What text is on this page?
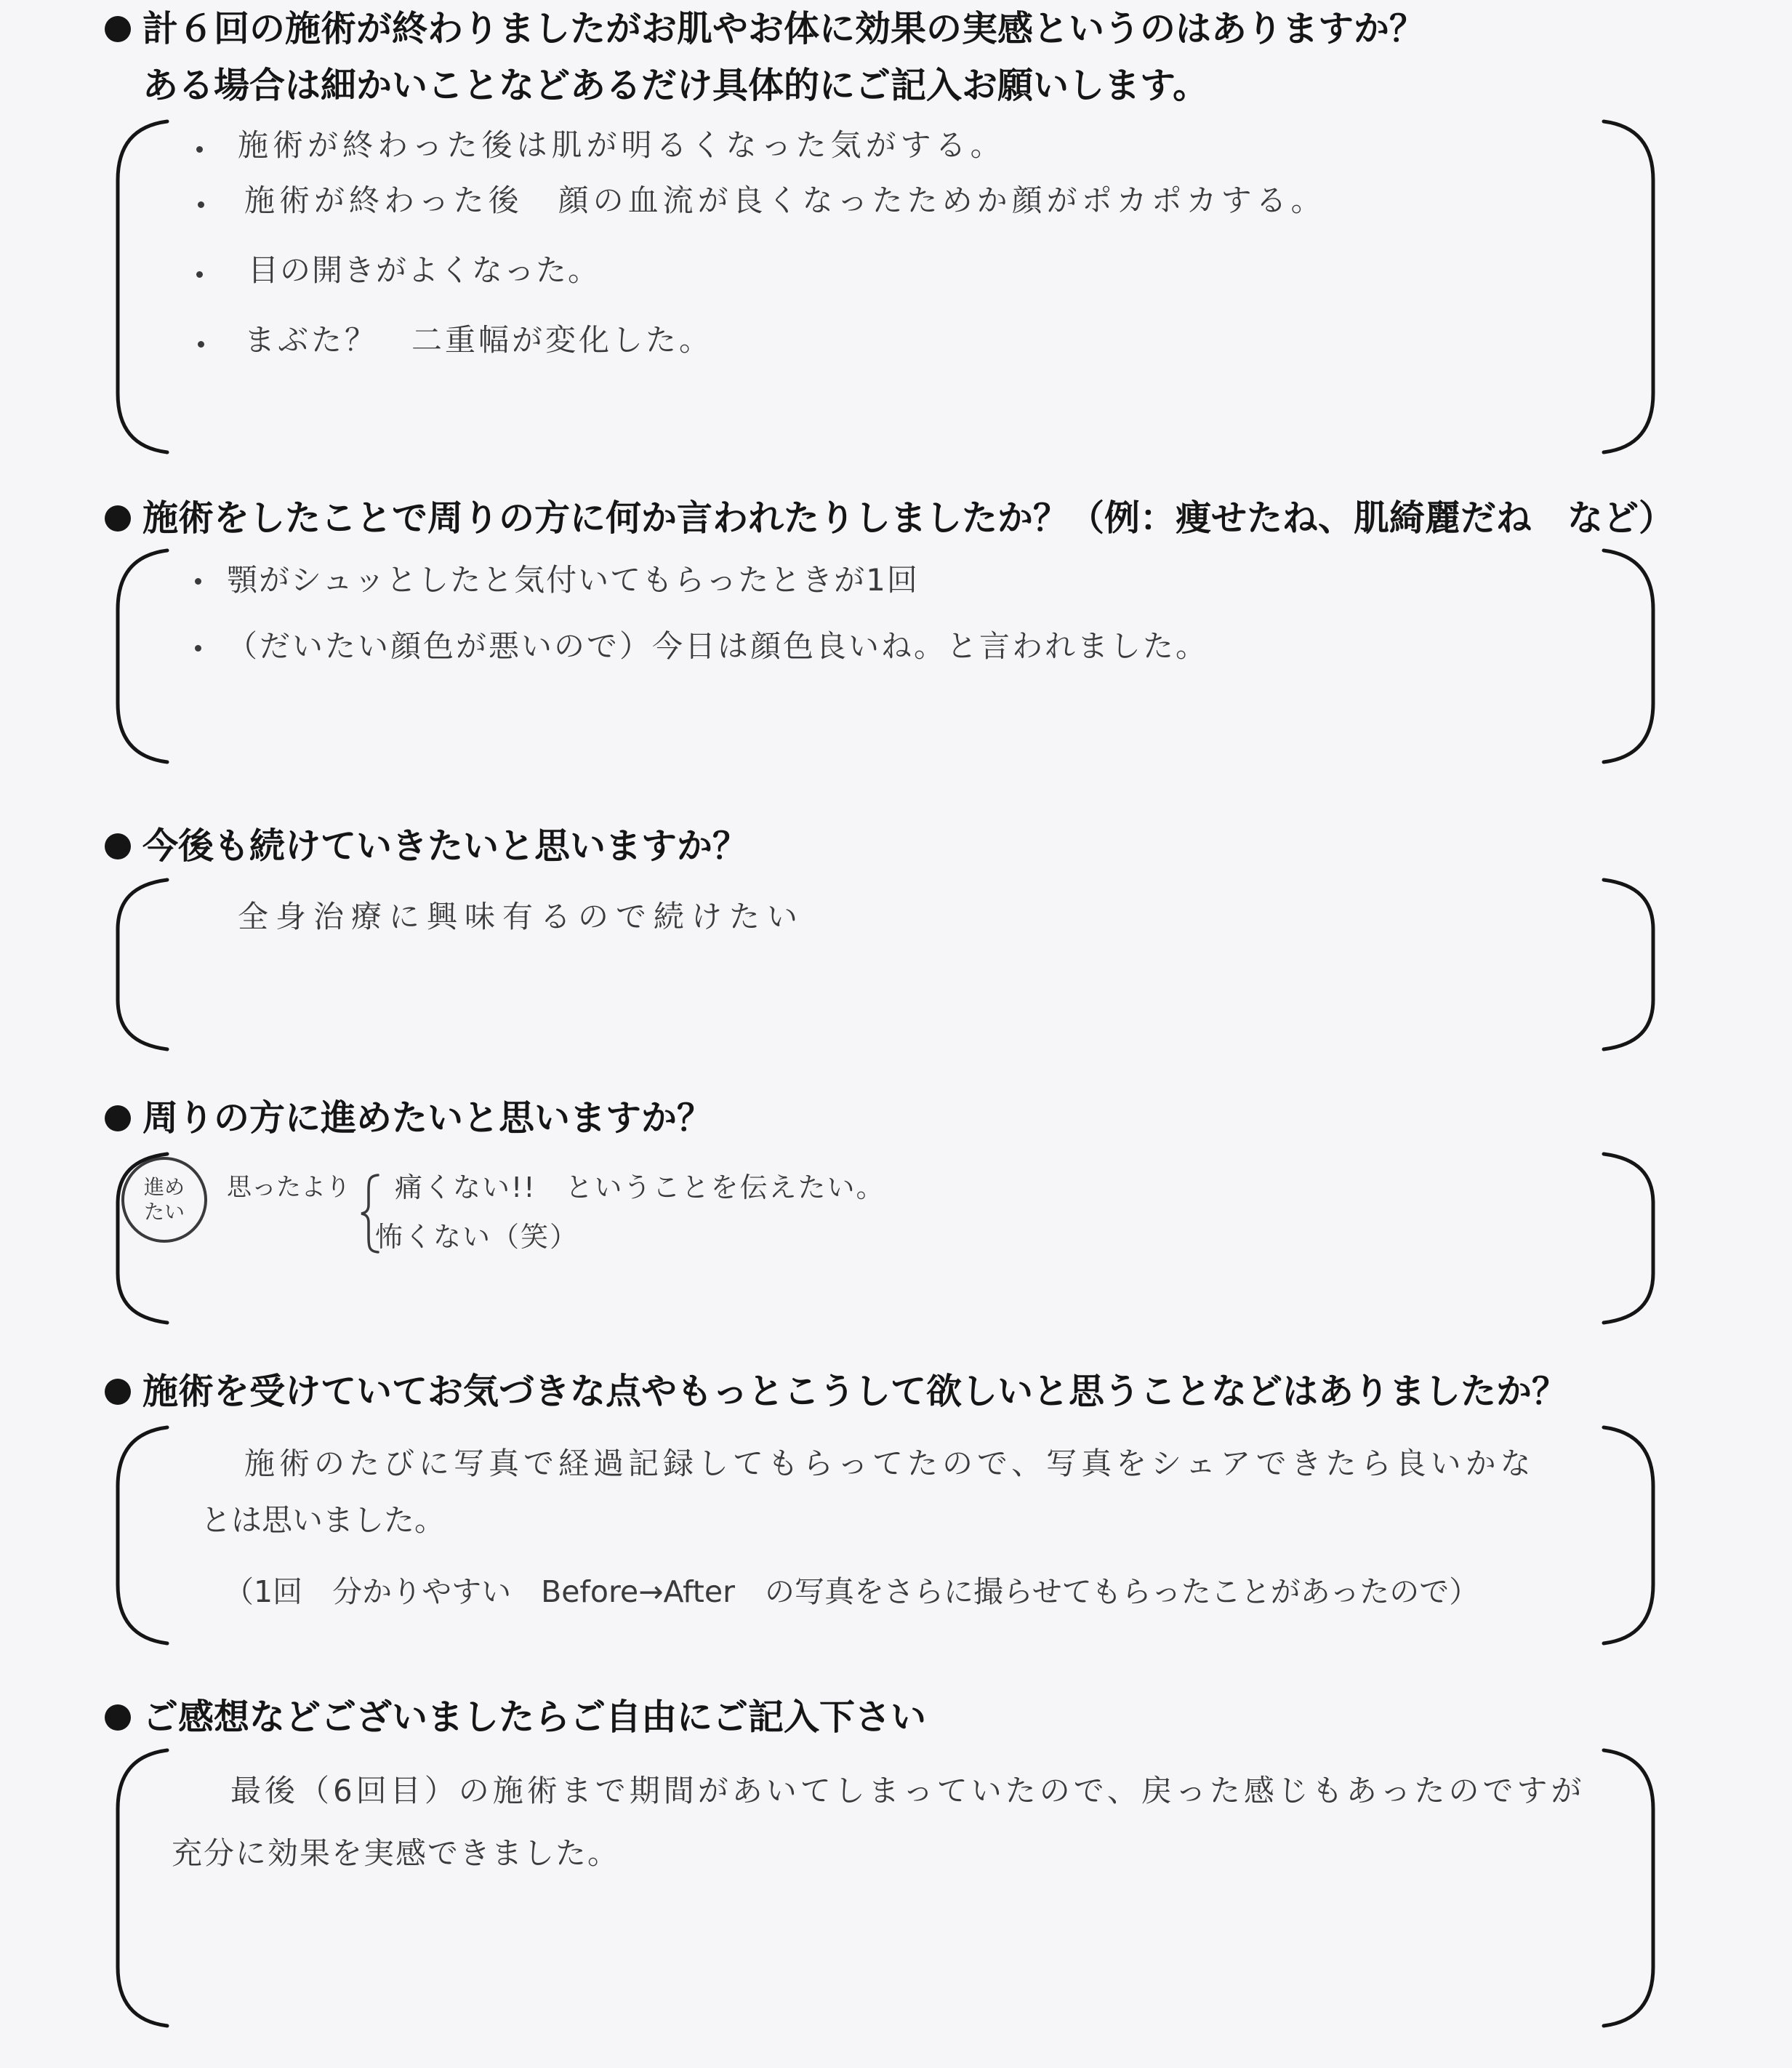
計６回の施術が終わりましたがお肌やお体に効果の実感というのはありますか？
ある場合は細かいことなどあるだけ具体的にご記入お願いします。
施術が終わった後は肌が明るくなった気がする。
施術が終わった後　顔の血流が良くなったためか顔がポカポカする。
目の開きがよくなった。
まぶた？　二重幅が変化した。
施術をしたことで周りの方に何か言われたりしましたか？（例：痩せたね、肌綺麗だね　など）
顎がシュッとしたと気付いてもらったときが1回
（だいたい顔色が悪いので）今日は顔色良いね。と言われました。
今後も続けていきたいと思いますか？
全身治療に興味有るので続けたい
周りの方に進めたいと思いますか？
進め
たい
思ったより 痛くない!!　ということを伝えたい。
怖くない（笑）
施術を受けていてお気づきな点やもっとこうして欲しいと思うことなどはありましたか？
施術のたびに写真で経過記録してもらってたので、写真をシェアできたら良いかな
とは思いました。
（1回　分かりやすい　Before→After　の写真をさらに撮らせてもらったことがあったので）
ご感想などございましたらご自由にご記入下さい
最後（6回目）の施術まで期間があいてしまっていたので、戻った感じもあったのですが
充分に効果を実感できました。
